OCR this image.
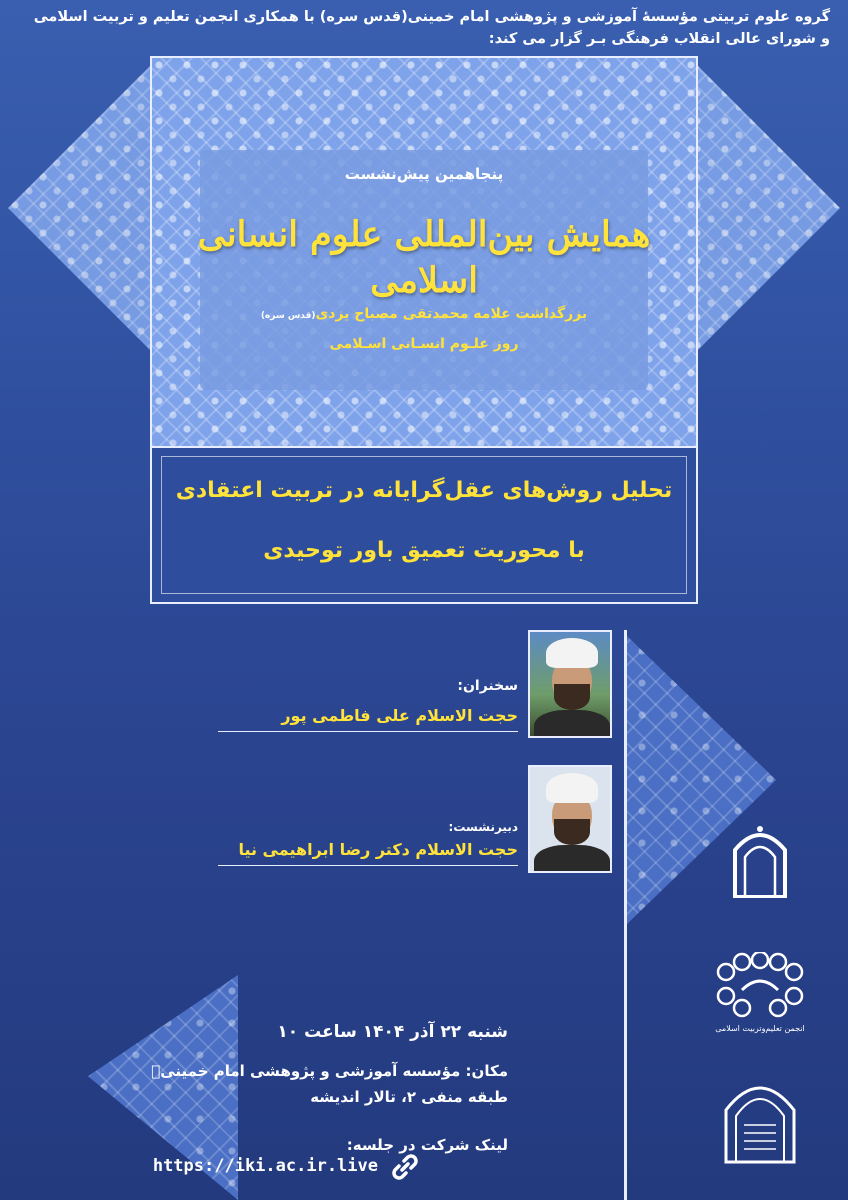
گروه علوم تربیتی مؤسسهٔ آموزشی و پژوهشی امام خمینی(قدس سره) با همکاری انجمن تعلیم و تربیت اسلامی
و شورای عالی انقلاب فرهنگی بـر گزار می کند:
پنجاهمین پیش‌نشست
همایش بین‌المللی علوم انسانی اسلامی
بزرگداشت علامه محمدتقی مصباح یزدی(قدس سره)
روز علـوم انسـانی اسـلامی
تحلیل روش‌های عقل‌گرایانه در تربیت اعتقادی
با محوریت تعمیق باور توحیدی
سخنران:
حجت الاسلام علی فاطمی پور
دبیرنشست:
حجت الاسلام دکتر رضا ابراهیمی نیا
شنبه ۲۲ آذر ۱۴۰۴ ساعت ۱۰
مکان: مؤسسه آموزشی و پژوهشی امام خمینیؒ
طبقه منفی ۲، تالار اندیشه
لینک شرکت در جلسه:
https://iki.ac.ir.live
انجمن تعلیم‌وتربیت اسلامی
